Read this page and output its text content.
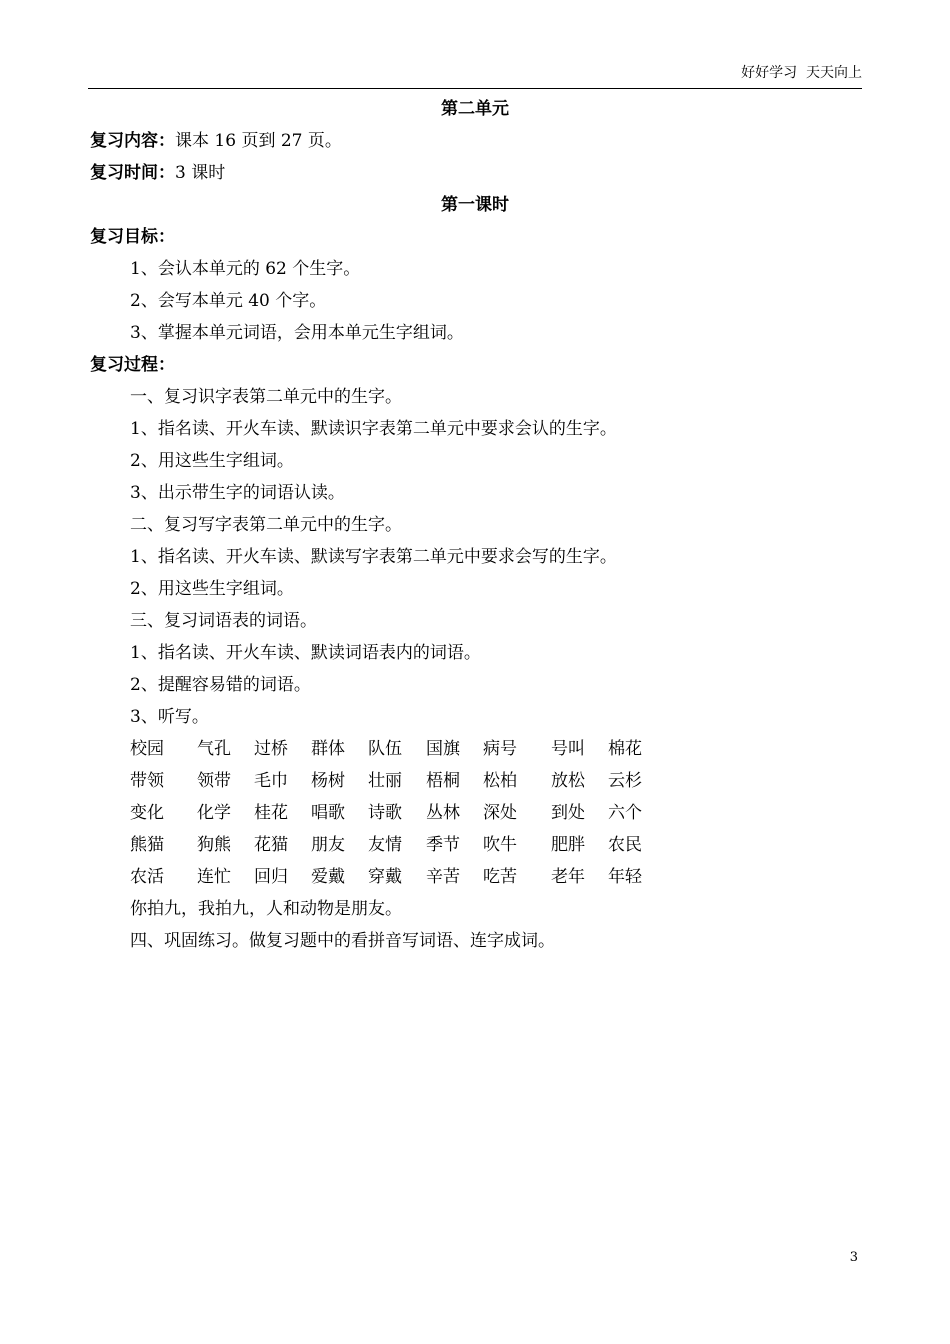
好好学习  天天向上
第二单元
复习内容：课本 16 页到 27 页。
复习时间：3 课时
第一课时
复习目标：
1、会认本单元的 62 个生字。
2、会写本单元 40 个字。
3、掌握本单元词语，会用本单元生字组词。
复习过程：
一、复习识字表第二单元中的生字。
1、指名读、开火车读、默读识字表第二单元中要求会认的生字。
2、用这些生字组词。
3、出示带生字的词语认读。
二、复习写字表第二单元中的生字。
1、指名读、开火车读、默读写字表第二单元中要求会写的生字。
2、用这些生字组词。
三、复习词语表的词语。
1、指名读、开火车读、默读词语表内的词语。
2、提醒容易错的词语。
3、听写。
校园 气孔 过桥 群体 队伍 国旗 病号 号叫 棉花
带领 领带 毛巾 杨树 壮丽 梧桐 松柏 放松 云杉
变化 化学 桂花 唱歌 诗歌 丛林 深处 到处 六个
熊猫 狗熊 花猫 朋友 友情 季节 吹牛 肥胖 农民
农活 连忙 回归 爱戴 穿戴 辛苦 吃苦 老年 年轻
你拍九，我拍九，人和动物是朋友。
四、巩固练习。做复习题中的看拼音写词语、连字成词。
3
